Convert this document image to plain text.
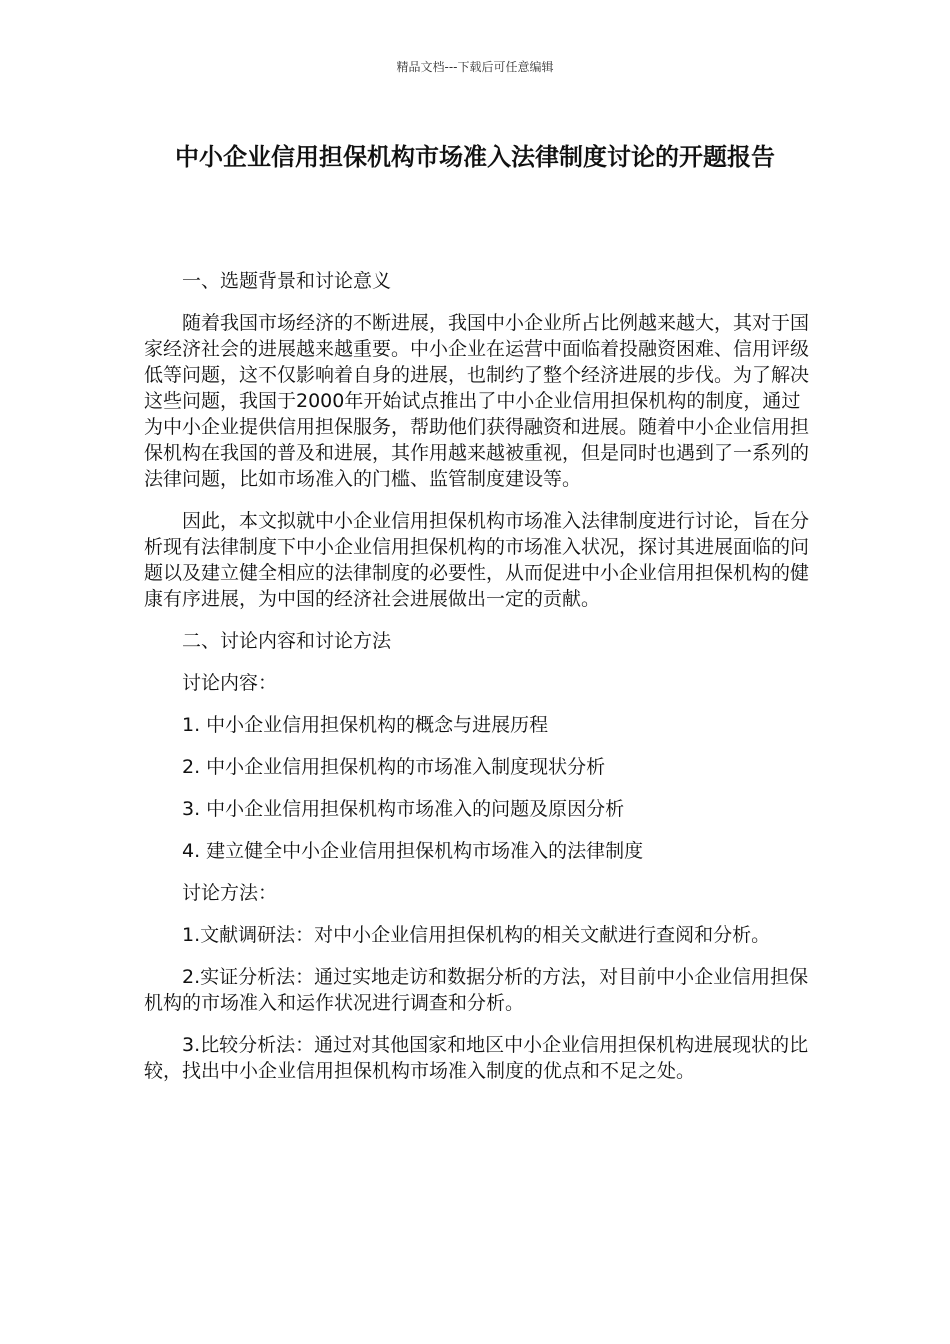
精品文档---下载后可任意编辑
中小企业信用担保机构市场准入法律制度讨论的开题报告

一、选题背景和讨论意义

随着我国市场经济的不断进展，我国中小企业所占比例越来越大，其对于国家经济社会的进展越来越重要。中小企业在运营中面临着投融资困难、信用评级低等问题，这不仅影响着自身的进展，也制约了整个经济进展的步伐。为了解决这些问题，我国于2000年开始试点推出了中小企业信用担保机构的制度，通过为中小企业提供信用担保服务，帮助他们获得融资和进展。随着中小企业信用担保机构在我国的普及和进展，其作用越来越被重视，但是同时也遇到了一系列的法律问题，比如市场准入的门槛、监管制度建设等。

因此，本文拟就中小企业信用担保机构市场准入法律制度进行讨论，旨在分析现有法律制度下中小企业信用担保机构的市场准入状况，探讨其进展面临的问题以及建立健全相应的法律制度的必要性，从而促进中小企业信用担保机构的健康有序进展，为中国的经济社会进展做出一定的贡献。

二、讨论内容和讨论方法

讨论内容：

1. 中小企业信用担保机构的概念与进展历程

2. 中小企业信用担保机构的市场准入制度现状分析

3. 中小企业信用担保机构市场准入的问题及原因分析

4. 建立健全中小企业信用担保机构市场准入的法律制度

讨论方法：

1.文献调研法：对中小企业信用担保机构的相关文献进行查阅和分析。

2.实证分析法：通过实地走访和数据分析的方法，对目前中小企业信用担保机构的市场准入和运作状况进行调查和分析。

3.比较分析法：通过对其他国家和地区中小企业信用担保机构进展现状的比较，找出中小企业信用担保机构市场准入制度的优点和不足之处。
